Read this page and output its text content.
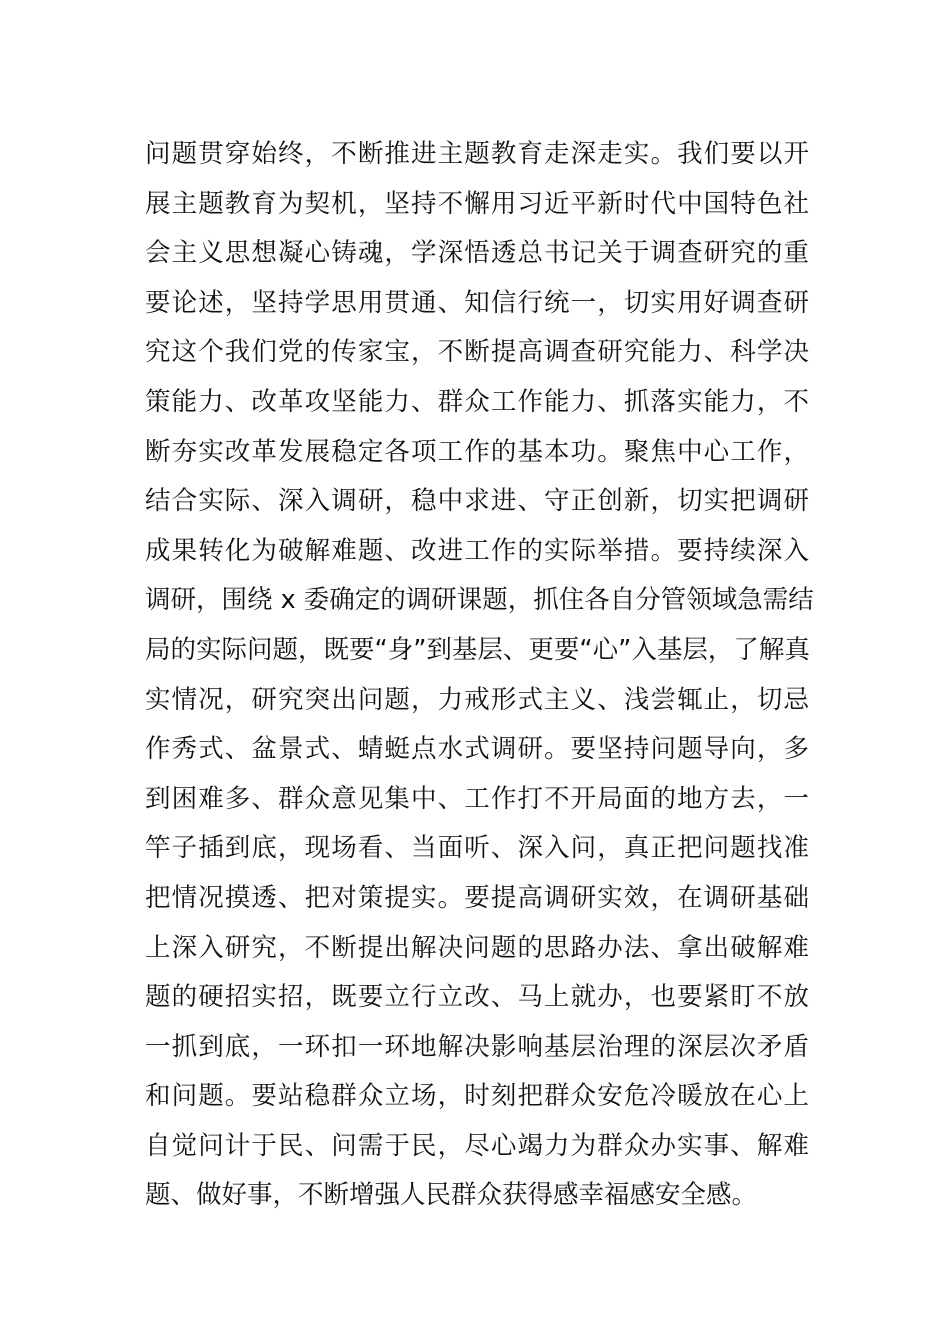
问题贯穿始终，不断推进主题教育走深走实。我们要以开
展主题教育为契机，坚持不懈用习近平新时代中国特色社
会主义思想凝心铸魂，学深悟透总书记关于调查研究的重
要论述，坚持学思用贯通、知信行统一，切实用好调查研
究这个我们党的传家宝，不断提高调查研究能力、科学决
策能力、改革攻坚能力、群众工作能力、抓落实能力，不
断夯实改革发展稳定各项工作的基本功。聚焦中心工作，
结合实际、深入调研，稳中求进、守正创新，切实把调研
成果转化为破解难题、改进工作的实际举措。要持续深入
调研，围绕 x 委确定的调研课题，抓住各自分管领域急需结
局的实际问题，既要“身”到基层、更要“心”入基层，了解真
实情况，研究突出问题，力戒形式主义、浅尝辄止，切忌
作秀式、盆景式、蜻蜓点水式调研。要坚持问题导向，多
到困难多、群众意见集中、工作打不开局面的地方去，一
竿子插到底，现场看、当面听、深入问，真正把问题找准
把情况摸透、把对策提实。要提高调研实效，在调研基础
上深入研究，不断提出解决问题的思路办法、拿出破解难
题的硬招实招，既要立行立改、马上就办，也要紧盯不放
一抓到底，一环扣一环地解决影响基层治理的深层次矛盾
和问题。要站稳群众立场，时刻把群众安危冷暖放在心上
自觉问计于民、问需于民，尽心竭力为群众办实事、解难
题、做好事，不断增强人民群众获得感幸福感安全感。
